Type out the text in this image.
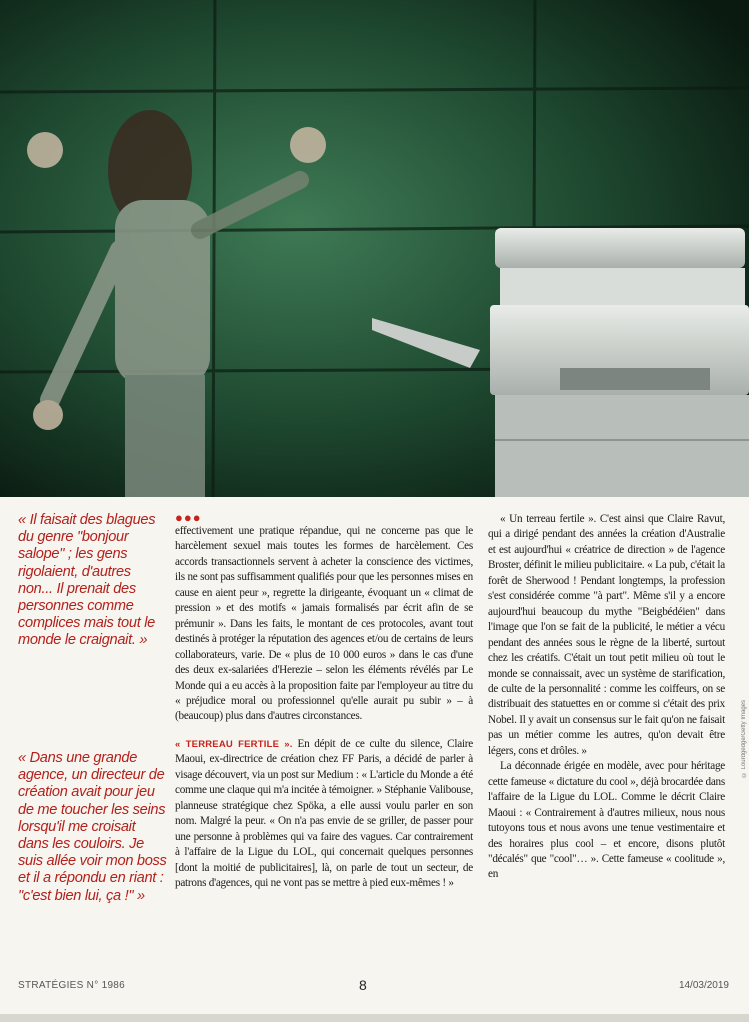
© Lourdgedge/Getty Images

« Il faisait des blagues du genre "bonjour salope" ; les gens rigolaient, d'autres non... Il prenait des personnes comme complices mais tout le monde le craignait. »

« Dans une grande agence, un directeur de création avait pour jeu de me toucher les seins lorsqu'il me croisait dans les couloirs. Je suis allée voir mon boss et il a répondu en riant : "c'est bien lui, ça !" »

●●●

effectivement une pratique répandue, qui ne concerne pas que le harcèlement sexuel mais toutes les formes de harcèlement. Ces accords transactionnels servent à acheter la conscience des victimes, ils ne sont pas suffisamment qualifiés pour que les personnes mises en cause en aient peur », regrette la dirigeante, évoquant un « climat de pression » et des motifs « jamais formalisés par écrit afin de se prémunir ». Dans les faits, le montant de ces protocoles, avant tout destinés à protéger la réputation des agences et/ou de certains de leurs collaborateurs, varie. De « plus de 10 000 euros » dans le cas d'une des deux ex-salariées d'Herezie – selon les éléments révélés par Le Monde qui a eu accès à la proposition faite par l'employeur au titre du « préjudice moral ou professionnel qu'elle aurait pu subir » – à (beaucoup) plus dans d'autres circonstances.

« TERREAU FERTILE ». En dépit de ce culte du silence, Claire Maoui, ex-directrice de création chez FF Paris, a décidé de parler à visage découvert, via un post sur Medium : « L'article du Monde a été comme une claque qui m'a incitée à témoigner. » Stéphanie Valibouse, planneuse stratégique chez Spöka, a elle aussi voulu parler en son nom. Malgré la peur. « On n'a pas envie de se griller, de passer pour une personne à problèmes qui va faire des vagues. Car contrairement à l'affaire de la Ligue du LOL, qui concernait quelques personnes [dont la moitié de publicitaires], là, on parle de tout un secteur, de patrons d'agences, qui ne vont pas se mettre à pied eux-mêmes ! »

« Un terreau fertile ». C'est ainsi que Claire Ravut, qui a dirigé pendant des années la création d'Australie et est aujourd'hui « créatrice de direction » de l'agence Broster, définit le milieu publicitaire. « La pub, c'était la forêt de Sherwood ! Pendant longtemps, la profession s'est considérée comme "à part". Même s'il y a encore aujourd'hui beaucoup du mythe "Beigbédéien" dans l'image que l'on se fait de la publicité, le métier a vécu pendant des années sous le règne de la liberté, surtout chez les créatifs. C'était un tout petit milieu où tout le monde se connaissait, avec un système de starification, de culte de la personnalité : comme les coiffeurs, on se distribuait des statuettes en or comme si c'était des prix Nobel. Il y avait un consensus sur le fait qu'on ne faisait pas un métier comme les autres, qu'on devait être légers, cons et drôles. »

La déconnade érigée en modèle, avec pour héritage cette fameuse « dictature du cool », déjà brocardée dans l'affaire de la Ligue du LOL. Comme le décrit Claire Maoui : « Contrairement à d'autres milieux, nous nous tutoyons tous et nous avons une tenue vestimentaire et des horaires plus cool – et encore, disons plutôt "décalés" que "cool"… ». Cette fameuse « coolitude », en

STRATÉGIES N° 1986	8	14/03/2019
